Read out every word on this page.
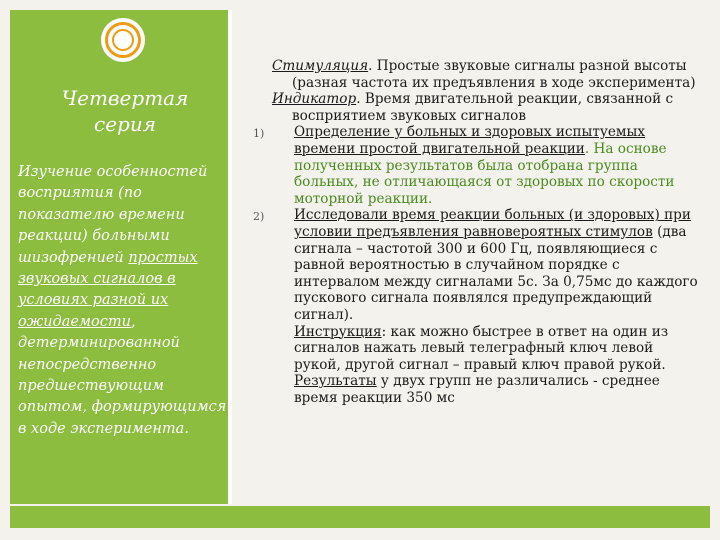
Четвертая
серия
Изучение особенностей восприятия (по показателю времени реакции) больными шизофренией простых звуковых сигналов в условиях разной их ожидаемости, детерминированной непосредственно предшествующим опытом, формирующимся в ходе эксперимента.
Стимуляция. Простые звуковые сигналы разной высоты (разная частота их предъявления в ходе эксперимента)
Индикатор. Время двигательной реакции, связанной с восприятием звуковых сигналов
1) Определение у больных и здоровых испытуемых времени простой двигательной реакции. На основе полученных результатов была отобрана группа больных, не отличающаяся от здоровых по скорости моторной реакции.
2) Исследовали время реакции больных (и здоровых) при условии предъявления равновероятных стимулов (два сигнала – частотой 300 и 600 Гц, появляющиеся с равной вероятностью в случайном порядке с интервалом между сигналами 5с. За 0,75мс до каждого пускового сигнала появлялся предупреждающий сигнал).
Инструкция: как можно быстрее в ответ на один из сигналов нажать левый телеграфный ключ левой рукой, другой сигнал – правый ключ правой рукой.
Результаты у двух групп не различались - среднее время реакции 350 мс
